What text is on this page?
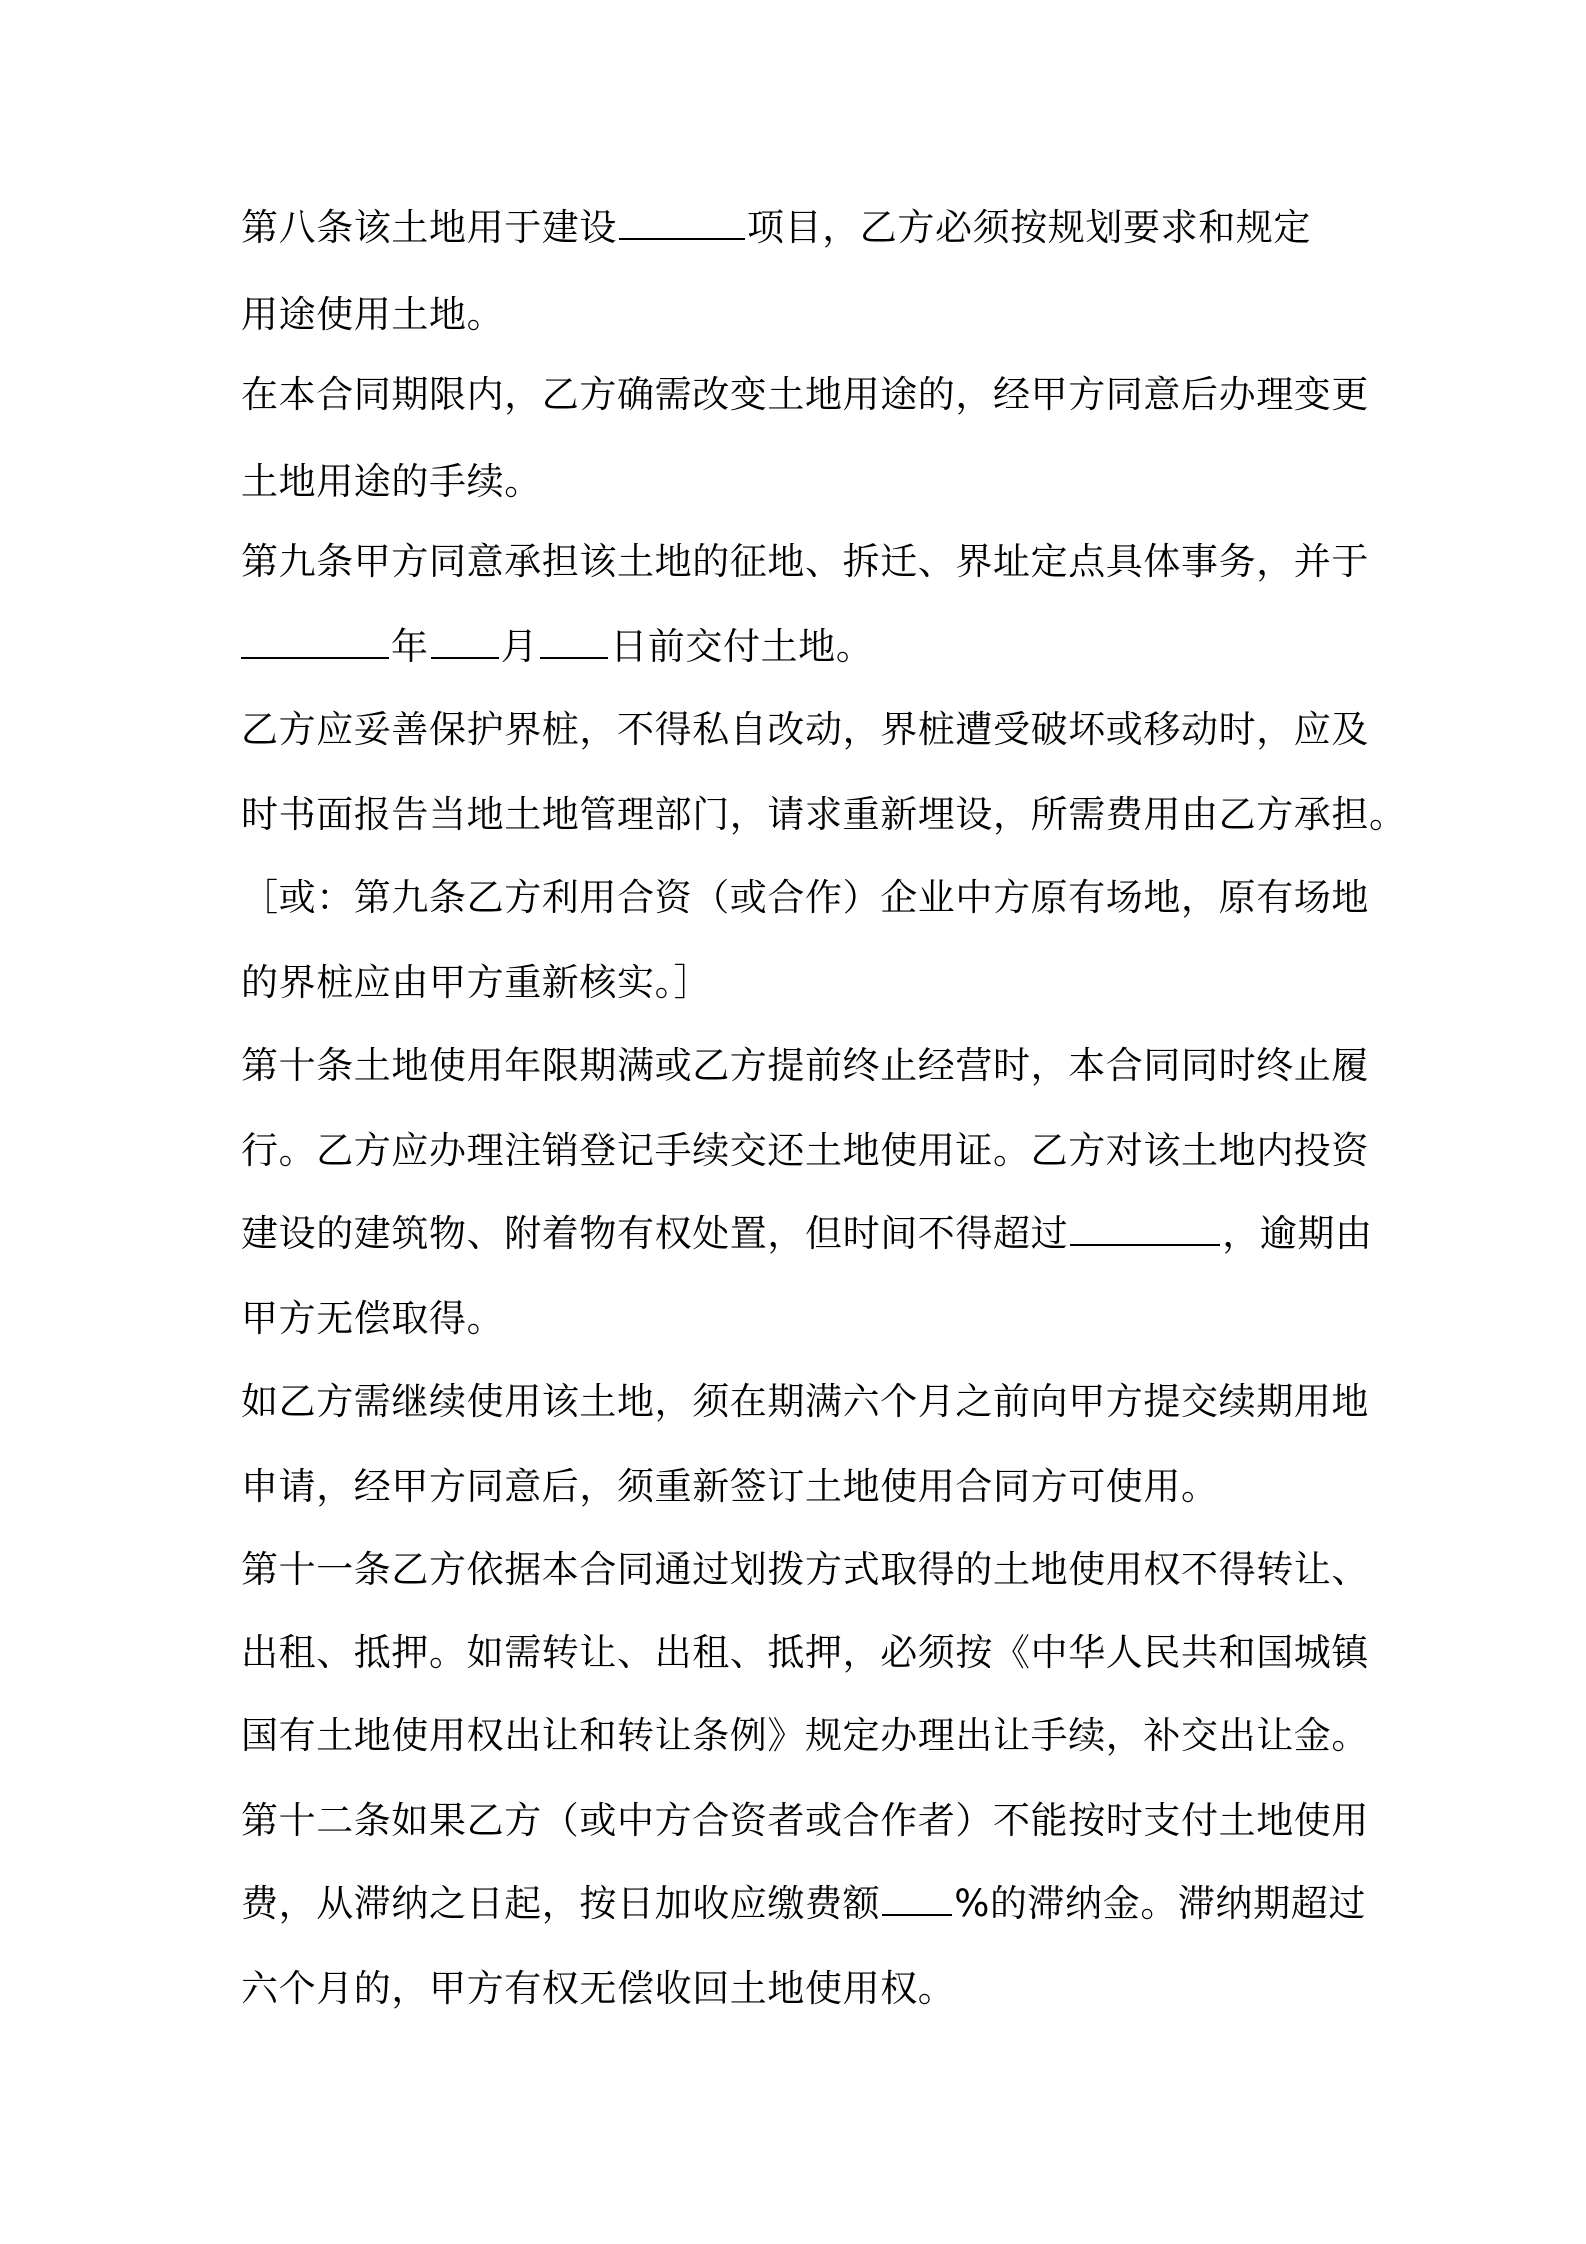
第八条该土地用于建设	项目，乙方必须按规划要求和规定
用途使用土地。
在本合同期限内，乙方确需改变土地用途的，经甲方同意后办理变更
土地用途的手续。
第九条甲方同意承担该土地的征地、拆迁、界址定点具体事务，并于
年 月 日前交付土地。
乙方应妥善保护界桩，不得私自改动，界桩遭受破坏或移动时，应及
时书面报告当地土地管理部门，请求重新埋设，所需费用由乙方承担。
［或：第九条乙方利用合资（或合作）企业中方原有场地，原有场地
的界桩应由甲方重新核实。］
第十条土地使用年限期满或乙方提前终止经营时，本合同同时终止履
行。乙方应办理注销登记手续交还土地使用证。乙方对该土地内投资
建设的建筑物、附着物有权处置，但时间不得超过	，逾期由
甲方无偿取得。
如乙方需继续使用该土地，须在期满六个月之前向甲方提交续期用地
申请，经甲方同意后，须重新签订土地使用合同方可使用。
第十一条乙方依据本合同通过划拨方式取得的土地使用权不得转让、
出租、抵押。如需转让、出租、抵押，必须按《中华人民共和国城镇
国有土地使用权出让和转让条例》规定办理出让手续，补交出让金。
第十二条如果乙方（或中方合资者或合作者）不能按时支付土地使用
费，从滞纳之日起，按日加收应缴费额 %的滞纳金。滞纳期超过
六个月的，甲方有权无偿收回土地使用权。
